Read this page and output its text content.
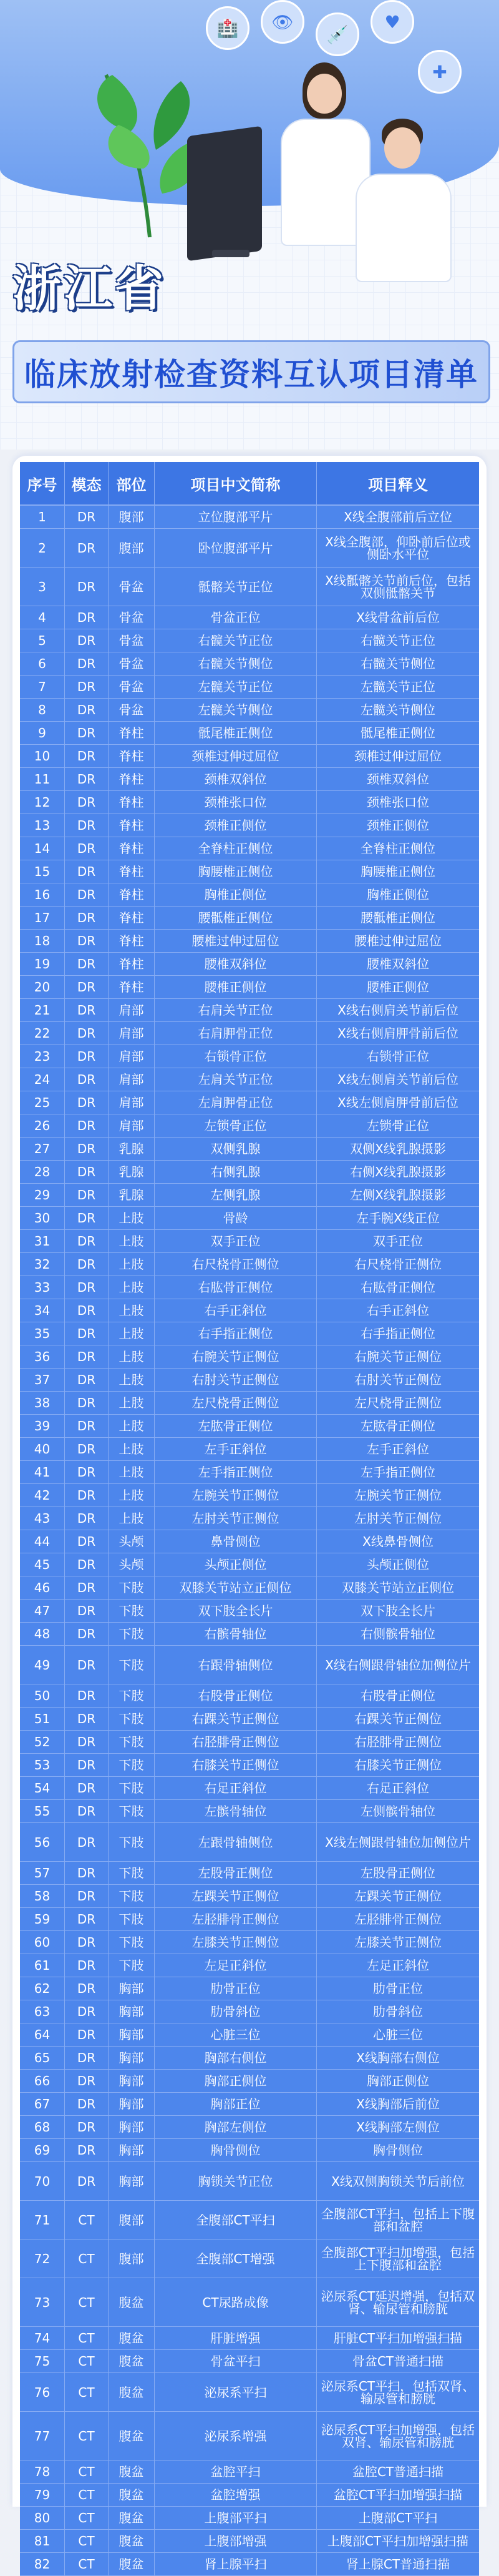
🏥	👁
💉
♥
✚
浙江省
临床放射检查资料互认项目清单
序号	模态	部位	项目中文简称	项目释义
1	DR	腹部	立位腹部平片	X线全腹部前后立位
2	DR	腹部	卧位腹部平片	X线全腹部，仰卧前后位或侧卧水平位
3	DR	骨盆	骶髂关节正位	X线骶髂关节前后位，包括双侧骶髂关节
4	DR	骨盆	骨盆正位	X线骨盆前后位
5	DR	骨盆	右髋关节正位	右髋关节正位
6	DR	骨盆	右髋关节侧位	右髋关节侧位
7	DR	骨盆	左髋关节正位	左髋关节正位
8	DR	骨盆	左髋关节侧位	左髋关节侧位
9	DR	脊柱	骶尾椎正侧位	骶尾椎正侧位
10	DR	脊柱	颈椎过伸过屈位	颈椎过伸过屈位
11	DR	脊柱	颈椎双斜位	颈椎双斜位
12	DR	脊柱	颈椎张口位	颈椎张口位
13	DR	脊柱	颈椎正侧位	颈椎正侧位
14	DR	脊柱	全脊柱正侧位	全脊柱正侧位
15	DR	脊柱	胸腰椎正侧位	胸腰椎正侧位
16	DR	脊柱	胸椎正侧位	胸椎正侧位
17	DR	脊柱	腰骶椎正侧位	腰骶椎正侧位
18	DR	脊柱	腰椎过伸过屈位	腰椎过伸过屈位
19	DR	脊柱	腰椎双斜位	腰椎双斜位
20	DR	脊柱	腰椎正侧位	腰椎正侧位
21	DR	肩部	右肩关节正位	X线右侧肩关节前后位
22	DR	肩部	右肩胛骨正位	X线右侧肩胛骨前后位
23	DR	肩部	右锁骨正位	右锁骨正位
24	DR	肩部	左肩关节正位	X线左侧肩关节前后位
25	DR	肩部	左肩胛骨正位	X线左侧肩胛骨前后位
26	DR	肩部	左锁骨正位	左锁骨正位
27	DR	乳腺	双侧乳腺	双侧X线乳腺摄影
28	DR	乳腺	右侧乳腺	右侧X线乳腺摄影
29	DR	乳腺	左侧乳腺	左侧X线乳腺摄影
30	DR	上肢	骨龄	左手腕X线正位
31	DR	上肢	双手正位	双手正位
32	DR	上肢	右尺桡骨正侧位	右尺桡骨正侧位
33	DR	上肢	右肱骨正侧位	右肱骨正侧位
34	DR	上肢	右手正斜位	右手正斜位
35	DR	上肢	右手指正侧位	右手指正侧位
36	DR	上肢	右腕关节正侧位	右腕关节正侧位
37	DR	上肢	右肘关节正侧位	右肘关节正侧位
38	DR	上肢	左尺桡骨正侧位	左尺桡骨正侧位
39	DR	上肢	左肱骨正侧位	左肱骨正侧位
40	DR	上肢	左手正斜位	左手正斜位
41	DR	上肢	左手指正侧位	左手指正侧位
42	DR	上肢	左腕关节正侧位	左腕关节正侧位
43	DR	上肢	左肘关节正侧位	左肘关节正侧位
44	DR	头颅	鼻骨侧位	X线鼻骨侧位
45	DR	头颅	头颅正侧位	头颅正侧位
46	DR	下肢	双膝关节站立正侧位	双膝关节站立正侧位
47	DR	下肢	双下肢全长片	双下肢全长片
48	DR	下肢	右髌骨轴位	右侧髌骨轴位
49	DR	下肢	右跟骨轴侧位	X线右侧跟骨轴位加侧位片
50	DR	下肢	右股骨正侧位	右股骨正侧位
51	DR	下肢	右踝关节正侧位	右踝关节正侧位
52	DR	下肢	右胫腓骨正侧位	右胫腓骨正侧位
53	DR	下肢	右膝关节正侧位	右膝关节正侧位
54	DR	下肢	右足正斜位	右足正斜位
55	DR	下肢	左髌骨轴位	左侧髌骨轴位
56	DR	下肢	左跟骨轴侧位	X线左侧跟骨轴位加侧位片
57	DR	下肢	左股骨正侧位	左股骨正侧位
58	DR	下肢	左踝关节正侧位	左踝关节正侧位
59	DR	下肢	左胫腓骨正侧位	左胫腓骨正侧位
60	DR	下肢	左膝关节正侧位	左膝关节正侧位
61	DR	下肢	左足正斜位	左足正斜位
62	DR	胸部	肋骨正位	肋骨正位
63	DR	胸部	肋骨斜位	肋骨斜位
64	DR	胸部	心脏三位	心脏三位
65	DR	胸部	胸部右侧位	X线胸部右侧位
66	DR	胸部	胸部正侧位	胸部正侧位
67	DR	胸部	胸部正位	X线胸部后前位
68	DR	胸部	胸部左侧位	X线胸部左侧位
69	DR	胸部	胸骨侧位	胸骨侧位
70	DR	胸部	胸锁关节正位	X线双侧胸锁关节后前位
71	CT	腹部	全腹部CT平扫	全腹部CT平扫，包括上下腹部和盆腔
72	CT	腹部	全腹部CT增强	全腹部CT平扫加增强，包括上下腹部和盆腔
73	CT	腹盆	CT尿路成像	泌尿系CT延迟增强，包括双肾、输尿管和膀胱
74	CT	腹盆	肝脏增强	肝脏CT平扫加增强扫描
75	CT	腹盆	骨盆平扫	骨盆CT普通扫描
76	CT	腹盆	泌尿系平扫	泌尿系CT平扫，包括双肾、输尿管和膀胱
77	CT	腹盆	泌尿系增强	泌尿系CT平扫加增强，包括双肾、输尿管和膀胱
78	CT	腹盆	盆腔平扫	盆腔CT普通扫描
79	CT	腹盆	盆腔增强	盆腔CT平扫加增强扫描
80	CT	腹盆	上腹部平扫	上腹部CT平扫
81	CT	腹盆	上腹部增强	上腹部CT平扫加增强扫描
82	CT	腹盆	肾上腺平扫	肾上腺CT普通扫描
